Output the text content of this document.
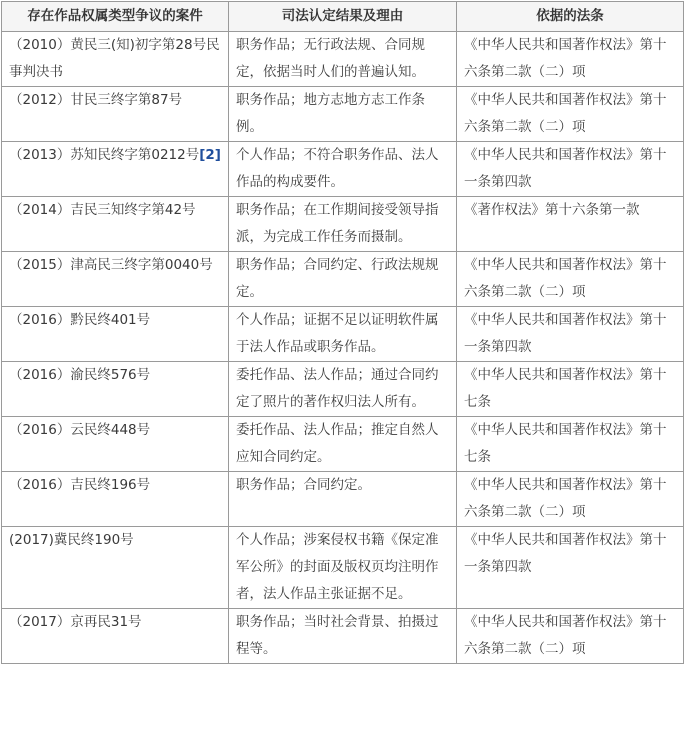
存在作品权属类型争议的案件	司法认定结果及理由	依据的法条
（2010）黄民三(知)初字第28号民事判决书	职务作品；无行政法规、合同规定，依据当时人们的普遍认知。	《中华人民共和国著作权法》第十六条第二款（二）项
（2012）甘民三终字第87号	职务作品；地方志地方志工作条例。	《中华人民共和国著作权法》第十六条第二款（二）项
（2013）苏知民终字第0212号[2]	个人作品；不符合职务作品、法人作品的构成要件。	《中华人民共和国著作权法》第十一条第四款
（2014）吉民三知终字第42号	职务作品；在工作期间接受领导指派，为完成工作任务而摄制。	《著作权法》第十六条第一款
（2015）津高民三终字第0040号	职务作品；合同约定、行政法规规定。	《中华人民共和国著作权法》第十六条第二款（二）项
（2016）黔民终401号	个人作品；证据不足以证明软件属于法人作品或职务作品。	《中华人民共和国著作权法》第十一条第四款
（2016）渝民终576号	委托作品、法人作品；通过合同约定了照片的著作权归法人所有。	《中华人民共和国著作权法》第十七条
（2016）云民终448号	委托作品、法人作品；推定自然人应知合同约定。	《中华人民共和国著作权法》第十七条
（2016）吉民终196号	职务作品；合同约定。	《中华人民共和国著作权法》第十六条第二款（二）项
(2017)冀民终190号	个人作品；涉案侵权书籍《保定准军公所》的封面及版权页均注明作者，法人作品主张证据不足。	《中华人民共和国著作权法》第十一条第四款
（2017）京再民31号	职务作品；当时社会背景、拍摄过程等。	《中华人民共和国著作权法》第十六条第二款（二）项
